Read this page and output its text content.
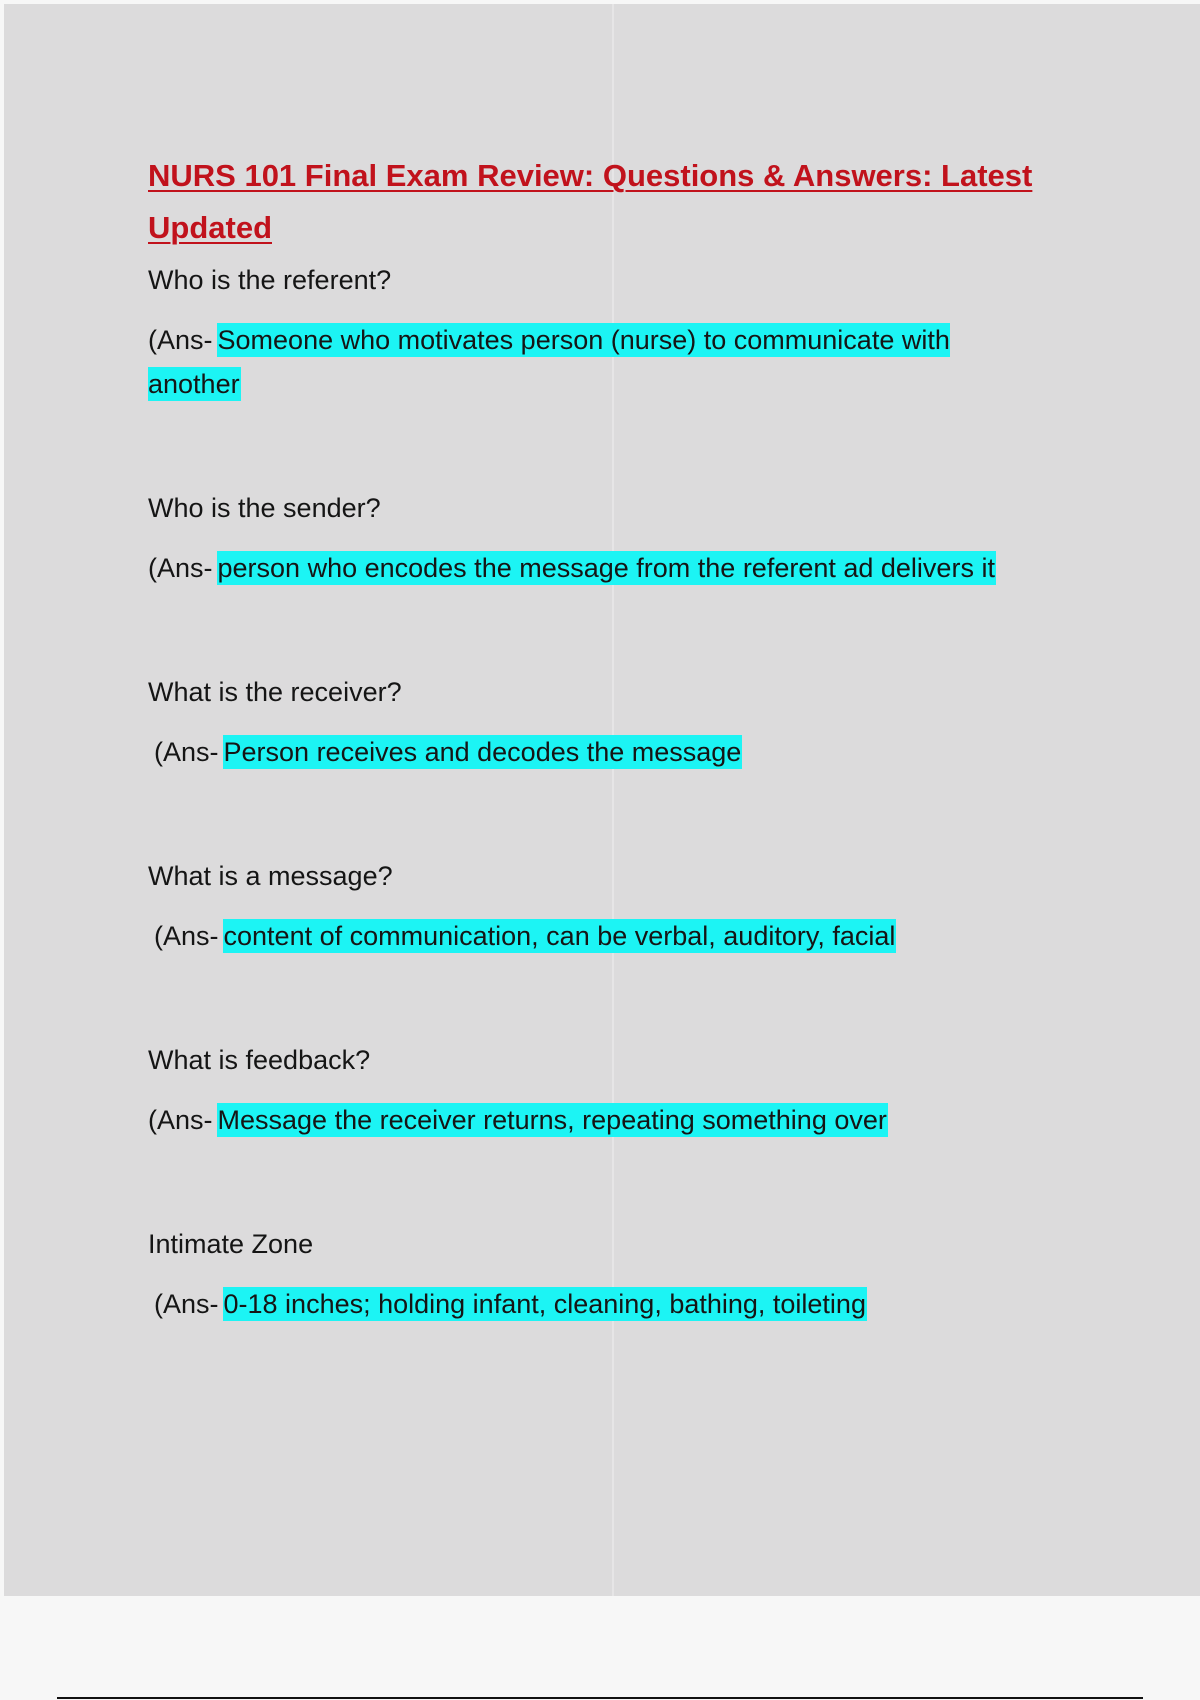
NURS 101 Final Exam Review: Questions & Answers: Latest Updated

Who is the referent?

(Ans- Someone who motivates person (nurse) to communicate with another

Who is the sender?

(Ans- person who encodes the message from the referent ad delivers it

What is the receiver?

(Ans- Person receives and decodes the message

What is a message?

(Ans- content of communication, can be verbal, auditory, facial

What is feedback?

(Ans- Message the receiver returns, repeating something over

Intimate Zone

(Ans- 0-18 inches; holding infant, cleaning, bathing, toileting
